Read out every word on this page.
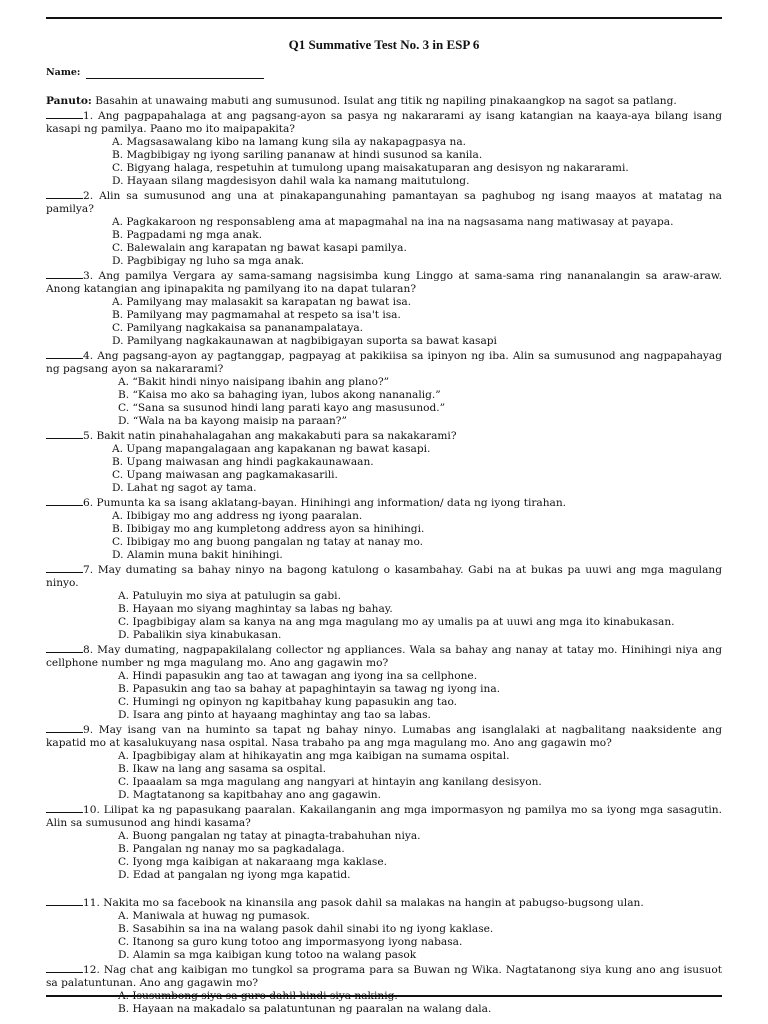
Q1 Summative Test No. 3 in ESP 6
Name:
Panuto: Basahin at unawaing mabuti ang sumusunod. Isulat ang titik ng napiling pinakaangkop na sagot sa patlang.
1. Ang pagpapahalaga at ang pagsang-ayon sa pasya ng nakararami ay isang katangian na kaaya-aya bilang isang kasapi ng pamilya. Paano mo ito maipapakita?
A. Magsasawalang kibo na lamang kung sila ay nakapagpasya na.
B. Magbibigay ng iyong sariling pananaw at hindi susunod sa kanila.
C. Bigyang halaga, respetuhin at tumulong upang maisakatuparan ang desisyon ng nakararami.
D. Hayaan silang magdesisyon dahil wala ka namang maitutulong.
2. Alin sa sumusunod ang una at pinakapangunahing pamantayan sa paghubog ng isang maayos at matatag na pamilya?
A. Pagkakaroon ng responsableng ama at mapagmahal na ina na nagsasama nang matiwasay at payapa.
B. Pagpadami ng mga anak.
C. Balewalain ang karapatan ng bawat kasapi pamilya.
D. Pagbibigay ng luho sa mga anak.
3. Ang pamilya Vergara ay sama-samang nagsisimba kung Linggo at sama-sama ring nananalangin sa araw-araw. Anong katangian ang ipinapakita ng pamilyang ito na dapat tularan?
A. Pamilyang may malasakit sa karapatan ng bawat isa.
B. Pamilyang may pagmamahal at respeto sa isa't isa.
C. Pamilyang nagkakaisa sa pananampalataya.
D. Pamilyang nagkakaunawan at nagbibigayan suporta sa bawat kasapi
4. Ang pagsang-ayon ay pagtanggap, pagpayag at pakikiisa sa ipinyon ng iba. Alin sa sumusunod ang nagpapahayag ng pagsang ayon sa nakararami?
A. “Bakit hindi ninyo naisipang ibahin ang plano?”
B. “Kaisa mo ako sa bahaging iyan, lubos akong nananalig.”
C. “Sana sa susunod hindi lang parati kayo ang masusunod.”
D. “Wala na ba kayong maisip na paraan?”
5. Bakit natin pinahahalagahan ang makakabuti para sa nakakarami?
A. Upang mapangalagaan ang kapakanan ng bawat kasapi.
B. Upang maiwasan ang hindi pagkakaunawaan.
C. Upang maiwasan ang pagkamakasarili.
D. Lahat ng sagot ay tama.
6. Pumunta ka sa isang aklatang-bayan. Hinihingi ang information/ data ng iyong tirahan.
A. Ibibigay mo ang address ng iyong paaralan.
B. Ibibigay mo ang kumpletong address ayon sa hinihingi.
C. Ibibigay mo ang buong pangalan ng tatay at nanay mo.
D. Alamin muna bakit hinihingi.
7. May dumating sa bahay ninyo na bagong katulong o kasambahay. Gabi na at bukas pa uuwi ang mga magulang ninyo.
A. Patuluyin mo siya at patulugin sa gabi.
B. Hayaan mo siyang maghintay sa labas ng bahay.
C. Ipagbibigay alam sa kanya na ang mga magulang mo ay umalis pa at uuwi ang mga ito kinabukasan.
D. Pabalikin siya kinabukasan.
8. May dumating, nagpapakilalang collector ng appliances. Wala sa bahay ang nanay at tatay mo. Hinihingi niya ang cellphone number ng mga magulang mo. Ano ang gagawin mo?
A. Hindi papasukin ang tao at tawagan ang iyong ina sa cellphone.
B. Papasukin ang tao sa bahay at papaghintayin sa tawag ng iyong ina.
C. Humingi ng opinyon ng kapitbahay kung papasukin ang tao.
D. Isara ang pinto at hayaang maghintay ang tao sa labas.
9. May isang van na huminto sa tapat ng bahay ninyo. Lumabas ang isanglalaki at nagbalitang naaksidente ang kapatid mo at kasalukuyang nasa ospital. Nasa trabaho pa ang mga magulang mo. Ano ang gagawin mo?
A. Ipagbibigay alam at hihikayatin ang mga kaibigan na sumama ospital.
B. Ikaw na lang ang sasama sa ospital.
C. Ipaaalam sa mga magulang ang nangyari at hintayin ang kanilang desisyon.
D. Magtatanong sa kapitbahay ano ang gagawin.
10. Lilipat ka ng papasukang paaralan. Kakailanganin ang mga impormasyon ng pamilya mo sa iyong mga sasagutin. Alin sa sumusunod ang hindi kasama?
A. Buong pangalan ng tatay at pinagta-trabahuhan niya.
B. Pangalan ng nanay mo sa pagkadalaga.
C. Iyong mga kaibigan at nakaraang mga kaklase.
D. Edad at pangalan ng iyong mga kapatid.
11. Nakita mo sa facebook na kinansila ang pasok dahil sa malakas na hangin at pabugso-bugsong ulan.
A. Maniwala at huwag ng pumasok.
B. Sasabihin sa ina na walang pasok dahil sinabi ito ng iyong kaklase.
C. Itanong sa guro kung totoo ang impormasyong iyong nabasa.
D. Alamin sa mga kaibigan kung totoo na walang pasok
12. Nag chat ang kaibigan mo tungkol sa programa para sa Buwan ng Wika. Nagtatanong siya kung ano ang isusuot sa palatuntunan. Ano ang gagawin mo?
A. Isusumbong siya sa guro dahil hindi siya nakinig.
B. Hayaan na makadalo sa palatuntunan ng paaralan na walang dala.
